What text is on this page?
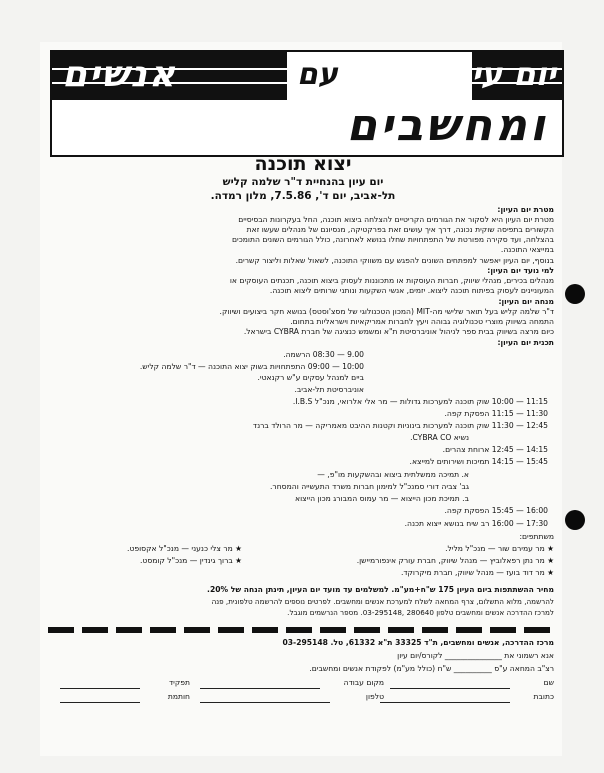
יום עיון
אנשים	עם
ומחשבים
יצוא תוכנה
יום עיון בהנחיית ד"ר שלמה קליש
תל-אביב, יום ד', 7.5.86, מלון רמדה.
מטרת יום העיון:
מטרת יום העיון היא לסקור את הגורמים הקריטיים להצלחה ביצוא תוכנה, החל בעקרונות הבסיסיים
הקשורים בתפיסה שוקית נכונה, דרך איך עושים זאת בפרקטיקה, מנסיונם של מנהלים שעשו זאת
בהצלחה, ועד סקירה מפורטת של התפתחויות שחלו בנושא לאחרונה, כולל הגורמים השונים התומכים
במייצאי התוכנה.
בנוסף, יום העיון יאפשר למפתחים השונים להפגש עם משווקי התוכנה, לשאול שאלות וליצור קשרים.
למי נועד יום העיון:
מנהלים בכירים, מנהלי שיווק, חברות העוסקות או מתכוננות לעסוק ביצוא תוכנה, תכנתים העוסקים או
המעוניינים לעסוק בפיתוח תוכנה ליצוא. יזמים, אנשי השקעות ונותני שרותים ליצוא תוכנה.
מנחה יום העיון:
ד"ר שלמה קליש בעל תואר שלישי מה-MIT (המכון הטכנולוגי של מסצ'וסטס) בנושא חקר ביצועים ושיווק.
התמחה בשיווק מוצרי טכנולוגיה גבוהה ויעץ לחברות אמריקאיות וישראליות בתחום.
כיום מרצה בשיווק בבית ספר לניהול אוניברסיטת ת"א ומשמש כנציגה של חברת CYBRA בישראל.
תכנית יום העיון:
9.00 — 08:30 הרשמה.
10:00 — 09:00 התפתחויות בשוק יצוא התוכנה — ד"ר שלמה קליש.
ביים למנהל עסקים ע"ש רקנאטי.
אוניברסיטת תל-אביב.
11:15 — 10:00 שוק תוכנה למערכות גדולות — מר אלי אלרואי, מנכ"ל I.B.S.
11:30 — 11:15 הפסקת קפה.
12:45 — 11:30 שוק תוכנה למערכות בינוניות וקטנות ההיבט מאמריקה — מר הרולד ברנד
נשיא CYBRA CO.
14:15 — 12:45 ארוחת צהרים.
15:45 — 14:15 תמיכות ושירותים למייצא.
א. תמיכה ממשלתית ביצוא ובהשקעות מו"פ, —
גב' צביה דורי סמנכ"ל למימון חברות משרד התעשייה והמסחר.
ב. תמיכת מכון הייצוא — מר עמוס המבורג מכון הייצוא
16:00 — 15:45 הפסקת קפה.
17:30 — 16:00 רב שיח בנושא ייצוא תכנה.
משתתפים:
★ מר עמירם שור — מנכ"ל מליל.
★ מר נתן רפאלוביץ — מנהל שיווק, חברת עורק אינפורמיישן.
★ מר דוד בועז — מנהל שיווק, חברת מיקרוקד.
★ מר צלי כנעני — מנכ"ל אקסופט.
★ ברוך גינדין — מנכ"ל קומסט.
מחיר ההשתתפות ביום העיון 175 ש"ח+מע"מ. למשלמים עד מועד יום העיון, תינתן הנחה של 20%.
להרשמה, מלוא התשלום, צרף המחאה לשלח למערכת אנשים ומחשבים. לפרטים נוספים להרשמה טלפונית, פנה
למרכז ההדרכה אנשים ומחשבים טלפון 280640 ,03-295148. מספר הנרשמים מוגבל.
מרכז ההדרכה, אנשים ומחשבים, ת"ד 33325 ת"א 61332, טל. 03-295148
אנא רשמוני את _______________ לקורס/יום עיון
רצ"ב המחאה ע"ס __________ ש"ח (כולל מע"מ) לפקודת אנשים ומחשבים.
שם
מקום עבודה
תפקיד
כתובת
טלפון
חותמת
